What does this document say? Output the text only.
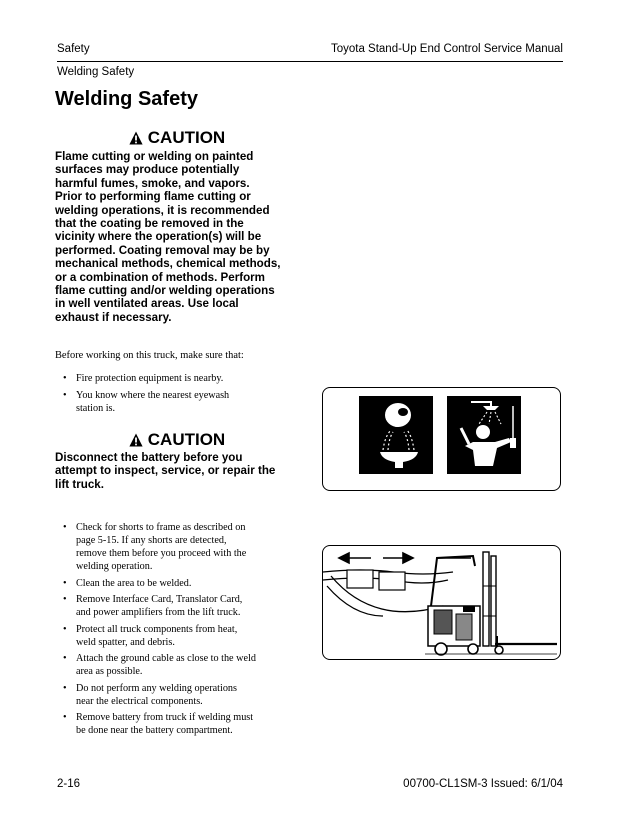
Safety	Toyota Stand-Up End Control Service Manual
Welding Safety
Welding Safety
CAUTION
Flame cutting or welding on painted
surfaces may produce potentially
harmful fumes, smoke, and vapors.
Prior to performing flame cutting or
welding operations, it is recommended
that the coating be removed in the
vicinity where the operation(s) will be
performed. Coating removal may be by
mechanical methods, chemical methods,
or a combination of methods. Perform
flame cutting and/or welding operations
in well ventilated areas. Use local
exhaust if necessary.
Before working on this truck, make sure that:
• Fire protection equipment is nearby.
• You know where the nearest eyewash
station is.
CAUTION
Disconnect the battery before you
attempt to inspect, service, or repair the
lift truck.
• Check for shorts to frame as described on
page 5-15. If any shorts are detected,
remove them before you proceed with the
welding operation.
• Clean the area to be welded.
• Remove Interface Card, Translator Card,
and power amplifiers from the lift truck.
• Protect all truck components from heat,
weld spatter, and debris.
• Attach the ground cable as close to the weld
area as possible.
• Do not perform any welding operations
near the electrical components.
• Remove battery from truck if welding must
be done near the battery compartment.
2-16	00700-CL1SM-3 Issued: 6/1/04
